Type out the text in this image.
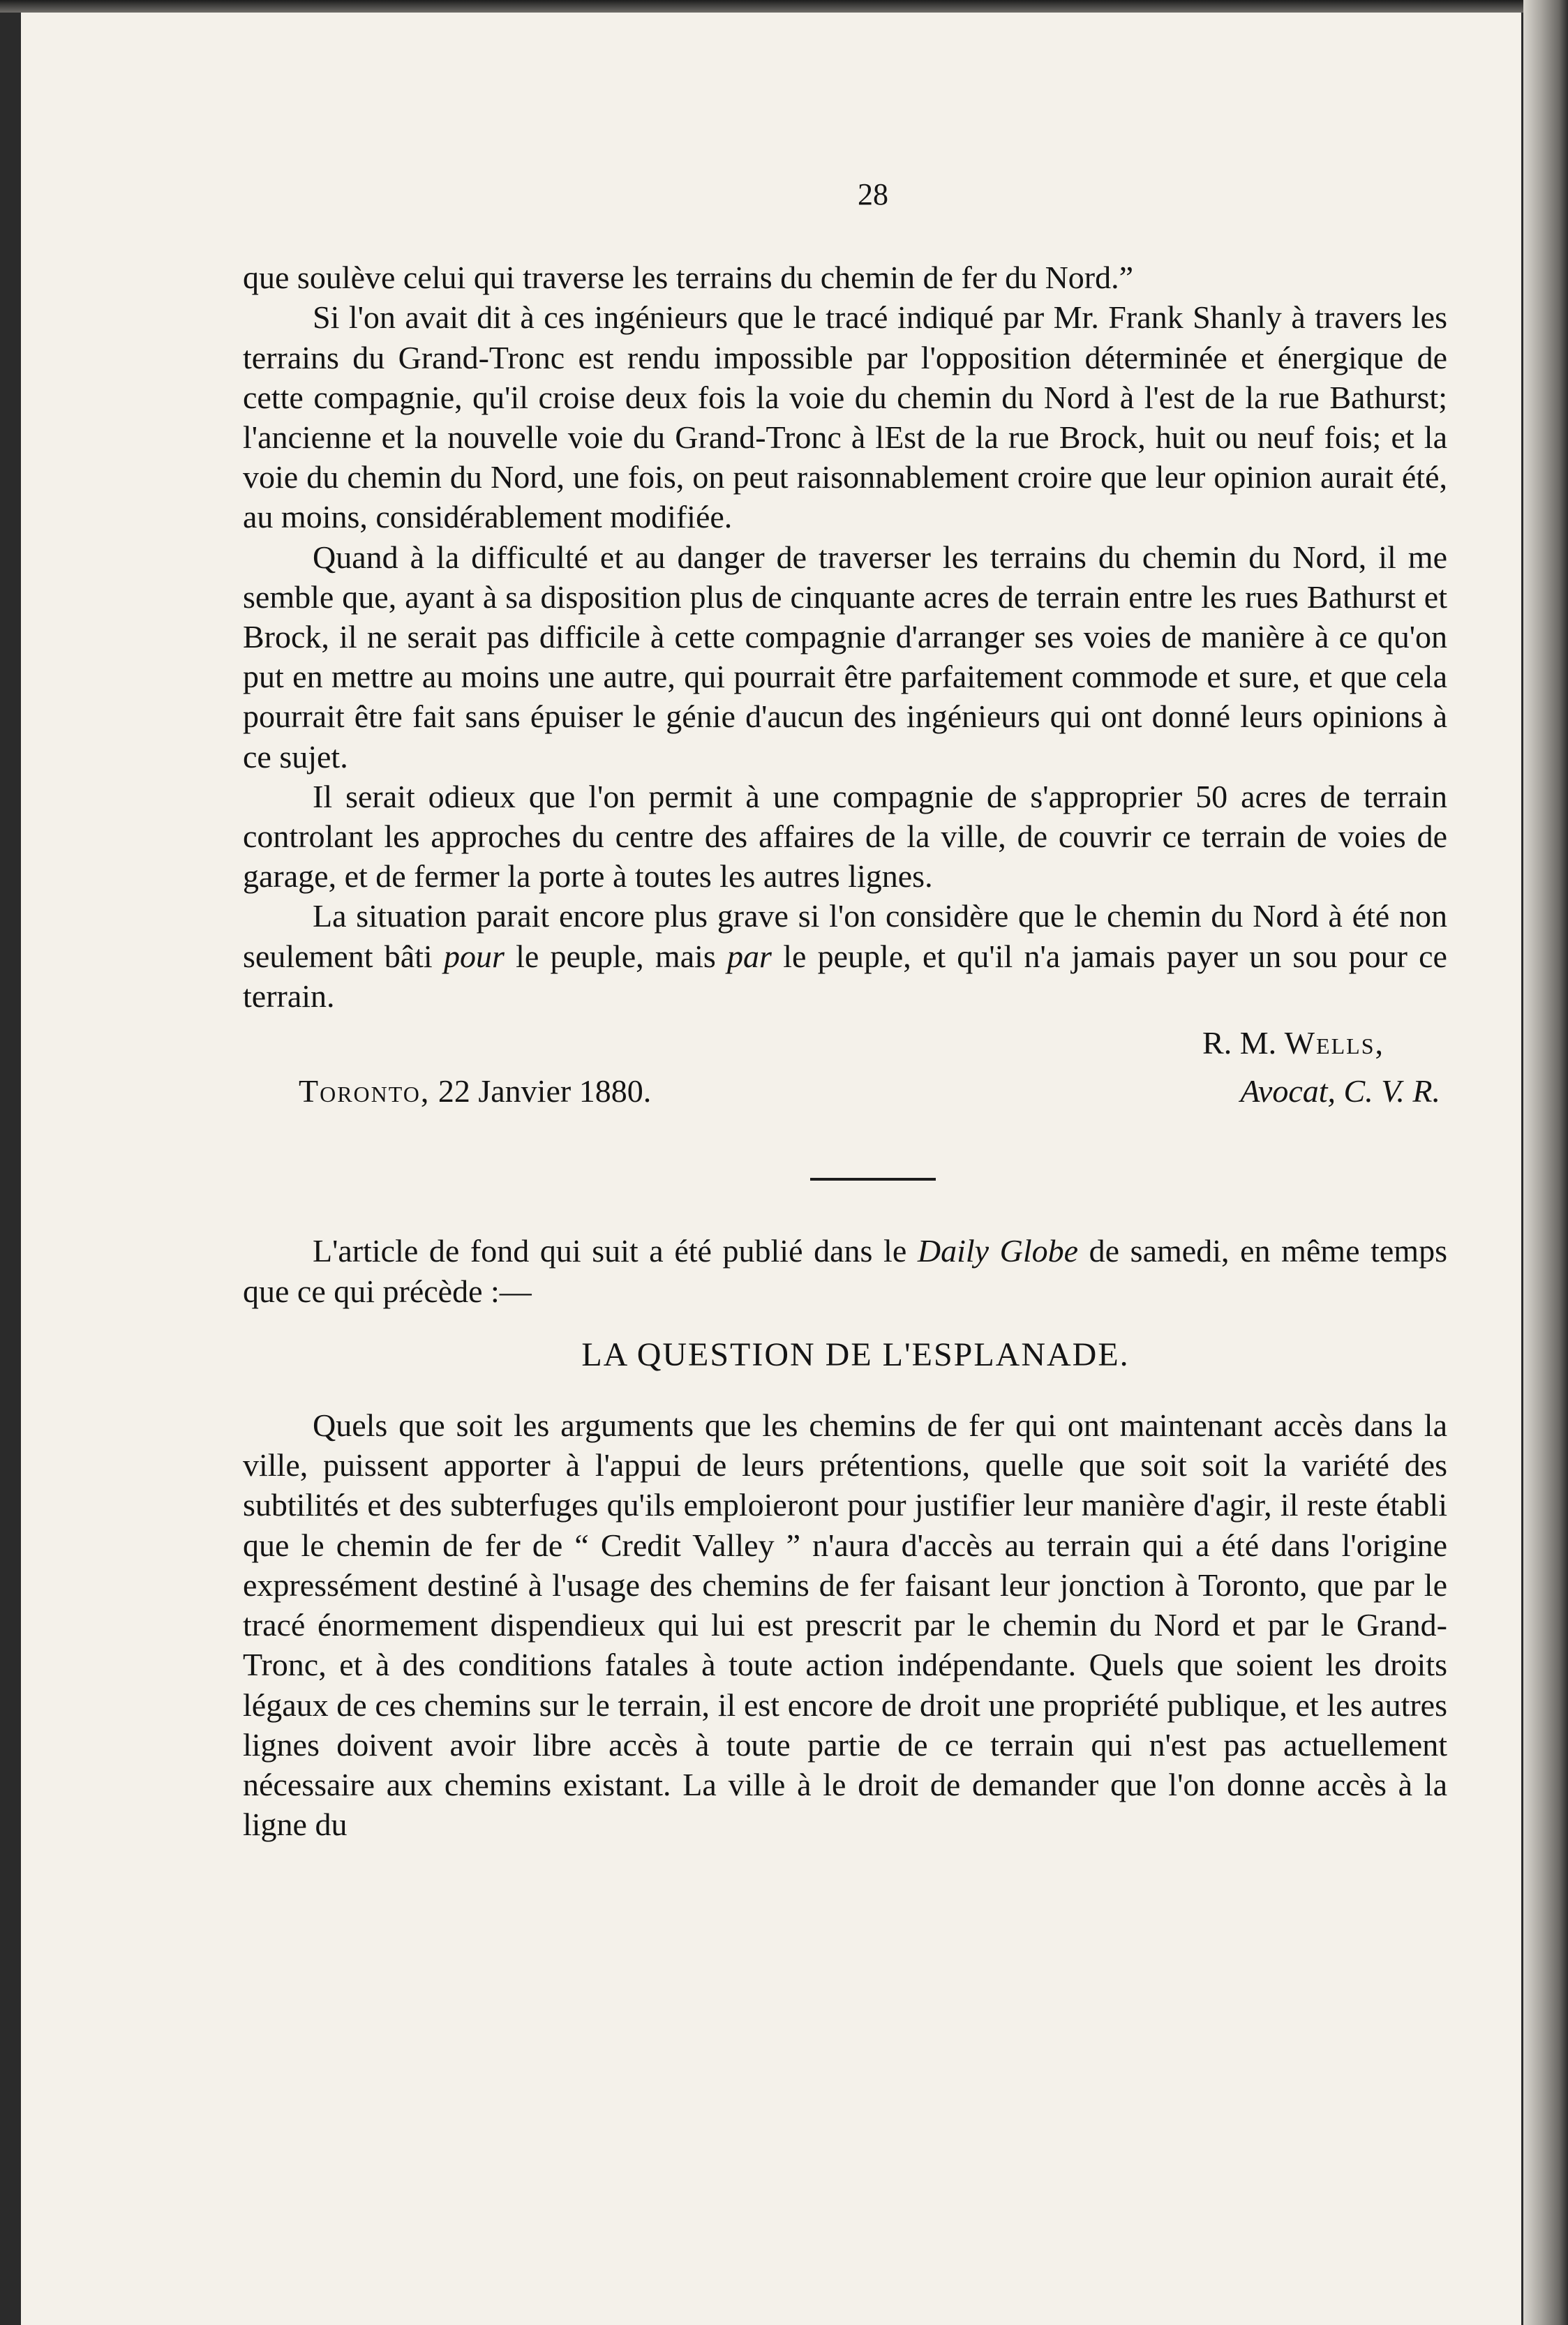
28

que soulève celui qui traverse les terrains du chemin de fer du Nord.”

Si l'on avait dit à ces ingénieurs que le tracé indiqué par Mr. Frank Shanly à travers les terrains du Grand-Tronc est rendu impossible par l'opposition déterminée et énergique de cette compagnie, qu'il croise deux fois la voie du chemin du Nord à l'est de la rue Bathurst; l'ancienne et la nouvelle voie du Grand-Tronc à lEst de la rue Brock, huit ou neuf fois; et la voie du chemin du Nord, une fois, on peut raisonnablement croire que leur opinion aurait été, au moins, considérablement modifiée.

Quand à la difficulté et au danger de traverser les terrains du chemin du Nord, il me semble que, ayant à sa disposition plus de cinquante acres de terrain entre les rues Bathurst et Brock, il ne serait pas difficile à cette compagnie d'arranger ses voies de manière à ce qu'on put en mettre au moins une autre, qui pourrait être parfaitement commode et sure, et que cela pourrait être fait sans épuiser le génie d'aucun des ingénieurs qui ont donné leurs opinions à ce sujet.

Il serait odieux que l'on permit à une compagnie de s'approprier 50 acres de terrain controlant les approches du centre des affaires de la ville, de couvrir ce terrain de voies de garage, et de fermer la porte à toutes les autres lignes.

La situation parait encore plus grave si l'on considère que le chemin du Nord à été non seulement bâti pour le peuple, mais par le peuple, et qu'il n'a jamais payer un sou pour ce terrain.

R. M. Wells,
Toronto, 22 Janvier 1880.	Avocat, C. V. R.

L'article de fond qui suit a été publié dans le Daily Globe de samedi, en même temps que ce qui précède :—

LA QUESTION DE L'ESPLANADE.

Quels que soit les arguments que les chemins de fer qui ont maintenant accès dans la ville, puissent apporter à l'appui de leurs prétentions, quelle que soit soit la variété des subtilités et des subterfuges qu'ils emploieront pour justifier leur manière d'agir, il reste établi que le chemin de fer de “ Credit Valley ” n'aura d'accès au terrain qui a été dans l'origine expressément destiné à l'usage des chemins de fer faisant leur jonction à Toronto, que par le tracé énormement dispendieux qui lui est prescrit par le chemin du Nord et par le Grand-Tronc, et à des conditions fatales à toute action indépendante. Quels que soient les droits légaux de ces chemins sur le terrain, il est encore de droit une propriété publique, et les autres lignes doivent avoir libre accès à toute partie de ce terrain qui n'est pas actuellement nécessaire aux chemins existant. La ville à le droit de demander que l'on donne accès à la ligne du
